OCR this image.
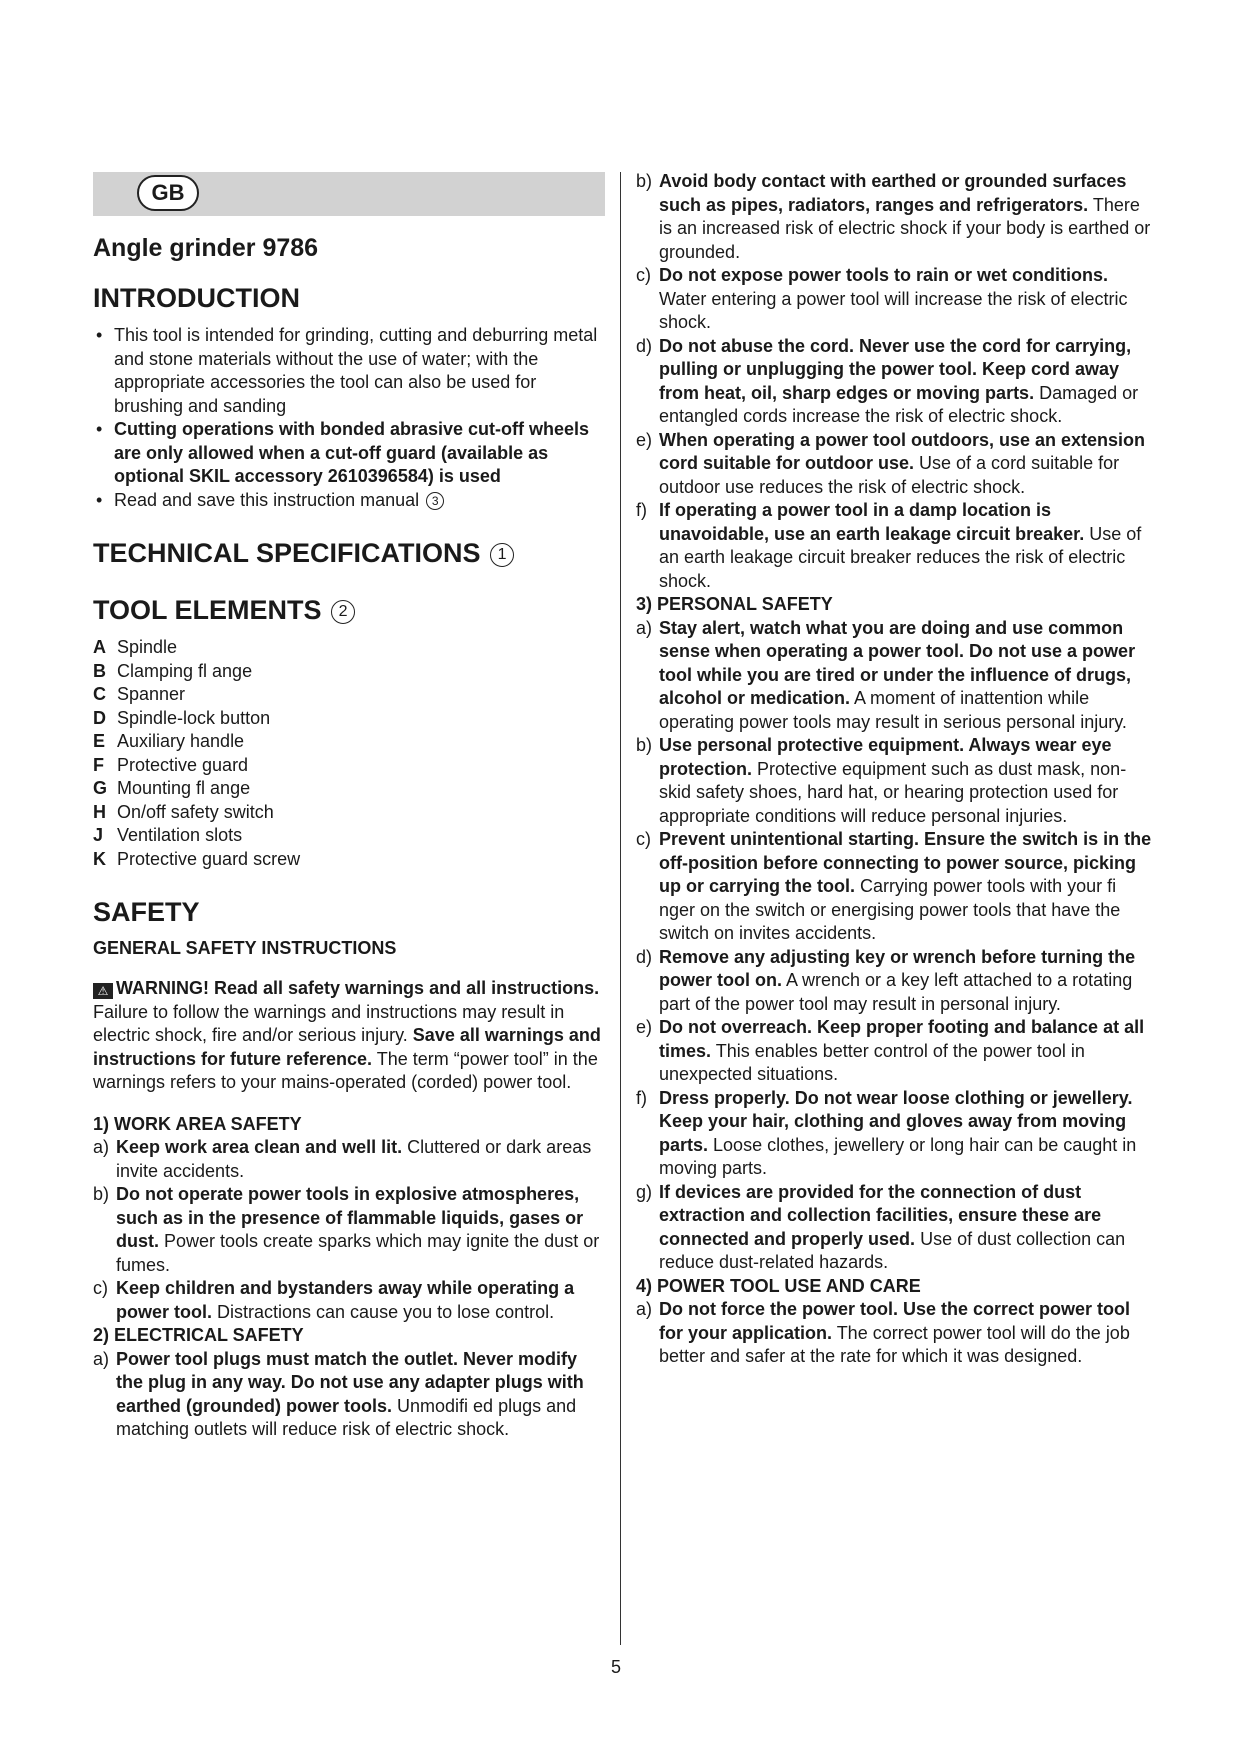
GB
Angle grinder 9786
INTRODUCTION
• This tool is intended for grinding, cutting and deburring metal and stone materials without the use of water; with the appropriate accessories the tool can also be used for brushing and sanding
• Cutting operations with bonded abrasive cut-off wheels are only allowed when a cut-off guard (available as optional SKIL accessory 2610396584) is used
• Read and save this instruction manual 3
TECHNICAL SPECIFICATIONS 1
TOOL ELEMENTS 2
A Spindle
B Clamping fl ange
C Spanner
D Spindle-lock button
E Auxiliary handle
F Protective guard
G Mounting fl ange
H On/off safety switch
J Ventilation slots
K Protective guard screw
SAFETY
GENERAL SAFETY INSTRUCTIONS

⚠ WARNING! Read all safety warnings and all instructions. Failure to follow the warnings and instructions may result in electric shock, fire and/or serious injury. Save all warnings and instructions for future reference. The term “power tool” in the warnings refers to your mains-operated (corded) power tool.

1) WORK AREA SAFETY
a) Keep work area clean and well lit. Cluttered or dark areas invite accidents.
b) Do not operate power tools in explosive atmospheres, such as in the presence of flammable liquids, gases or dust. Power tools create sparks which may ignite the dust or fumes.
c) Keep children and bystanders away while operating a power tool. Distractions can cause you to lose control.
2) ELECTRICAL SAFETY
a) Power tool plugs must match the outlet. Never modify the plug in any way. Do not use any adapter plugs with earthed (grounded) power tools. Unmodifi ed plugs and matching outlets will reduce risk of electric shock.
b) Avoid body contact with earthed or grounded surfaces such as pipes, radiators, ranges and refrigerators. There is an increased risk of electric shock if your body is earthed or grounded.
c) Do not expose power tools to rain or wet conditions. Water entering a power tool will increase the risk of electric shock.
d) Do not abuse the cord. Never use the cord for carrying, pulling or unplugging the power tool. Keep cord away from heat, oil, sharp edges or moving parts. Damaged or entangled cords increase the risk of electric shock.
e) When operating a power tool outdoors, use an extension cord suitable for outdoor use. Use of a cord suitable for outdoor use reduces the risk of electric shock.
f) If operating a power tool in a damp location is unavoidable, use an earth leakage circuit breaker. Use of an earth leakage circuit breaker reduces the risk of electric shock.
3) PERSONAL SAFETY
a) Stay alert, watch what you are doing and use common sense when operating a power tool. Do not use a power tool while you are tired or under the influence of drugs, alcohol or medication. A moment of inattention while operating power tools may result in serious personal injury.
b) Use personal protective equipment. Always wear eye protection. Protective equipment such as dust mask, non-skid safety shoes, hard hat, or hearing protection used for appropriate conditions will reduce personal injuries.
c) Prevent unintentional starting. Ensure the switch is in the off-position before connecting to power source, picking up or carrying the tool. Carrying power tools with your fi nger on the switch or energising power tools that have the switch on invites accidents.
d) Remove any adjusting key or wrench before turning the power tool on. A wrench or a key left attached to a rotating part of the power tool may result in personal injury.
e) Do not overreach. Keep proper footing and balance at all times. This enables better control of the power tool in unexpected situations.
f) Dress properly. Do not wear loose clothing or jewellery. Keep your hair, clothing and gloves away from moving parts. Loose clothes, jewellery or long hair can be caught in moving parts.
g) If devices are provided for the connection of dust extraction and collection facilities, ensure these are connected and properly used. Use of dust collection can reduce dust-related hazards.
4) POWER TOOL USE AND CARE
a) Do not force the power tool. Use the correct power tool for your application. The correct power tool will do the job better and safer at the rate for which it was designed.
5
